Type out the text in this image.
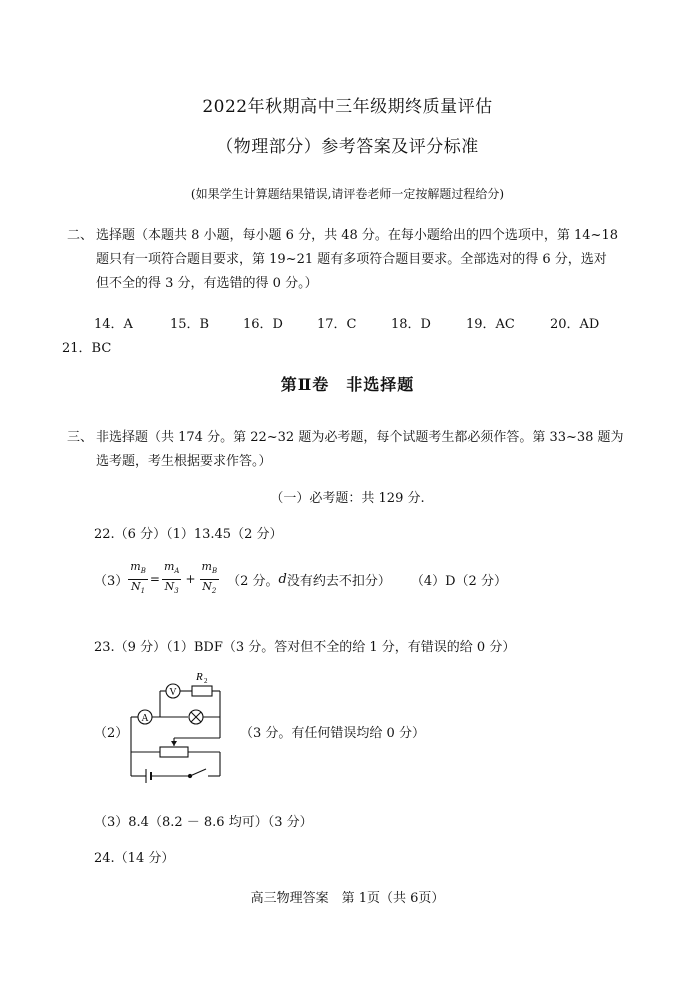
2022年秋期高中三年级期终质量评估
（物理部分）参考答案及评分标准
(如果学生计算题结果错误,请评卷老师一定按解题过程给分)
二、 选择题（本题共 8 小题，每小题 6 分，共 48 分。在每小题给出的四个选项中，第 14~18
题只有一项符合题目要求，第 19~21 题有多项符合题目要求。全部选对的得 6 分，选对
但不全的得 3 分，有选错的得 0 分。）
14．A	15．B	16．D	17．C	18．D	19．AC	20．AD
21．BC
第Ⅱ卷　非选择题
三、 非选择题（共 174 分。第 22~32 题为必考题，每个试题考生都必须作答。第 33~38 题为
选考题，考生根据要求作答。）
（一）必考题：共 129 分.
22.（6 分）（1）13.45（2 分）
$(3) \frac{m_B}{N_1} = \frac{m_A}{N_3} + \frac{m_B}{N_2} (2$ 分。 d 没有约去不扣分） （4）D（2 分）
23.（9 分）（1）BDF（3 分。答对但不全的给 1 分，有错误的给 0 分）
（2）
V
A
R 2
（3 分。有任何错误均给 0 分）
（3）8.4（8.2 － 8.6 均可）（3 分）
24.（14 分）
高三物理答案　第 1页（共 6页）
